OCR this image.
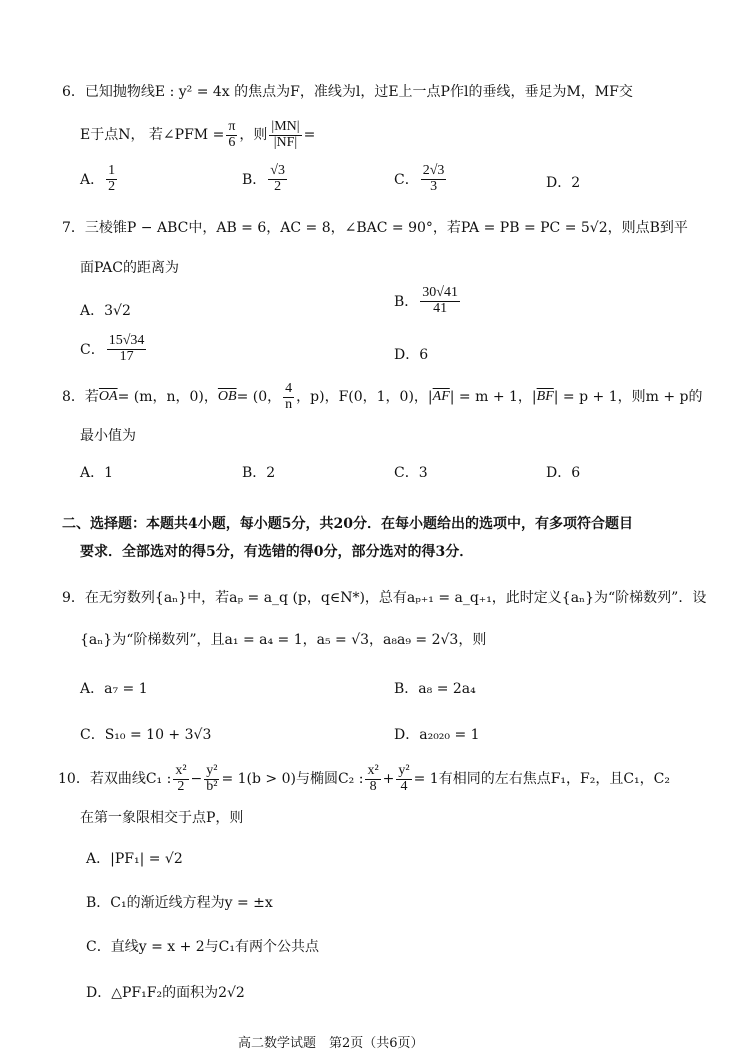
6．已知抛物线E : y² = 4x 的焦点为F，准线为l，过E上一点P作l的垂线，垂足为M，MF交
E于点N， 若∠PFM = $\frac{\pi}{6}$ ，则 $\frac{|MN|}{|NF|}$ =
A． $\frac{1}{2}$	B． $\frac{√3}{2}$	C． $\frac{2√3}{3}$	D．2
7．三棱锥P − ABC中，AB = 6，AC = 8，∠BAC = 90°，若PA = PB = PC = 5√2，则点B到平
面PAC的距离为
A．3√2
B． $\frac{30√41}{41}$
C． $\frac{15√34}{17}$	D．6
8．若 $\overline{OA} = (m$，n，0)， $\overline{OB} = (0$， $\frac{4}{n}$ ，p)，F(0，1，0)，| $\overline{AF}$ | = m + 1，| $\overline{BF}$ | = p + 1，则m + p的
最小值为
A．1	B．2	C．3	D．6
二、选择题：本题共4小题，每小题5分，共20分．在每小题给出的选项中，有多项符合题目
要求．全部选对的得5分，有选错的得0分，部分选对的得3分．
9．在无穷数列{aₙ}中，若aₚ = a_q (p，q∈N*)，总有aₚ₊₁ = a_q₊₁，此时定义{aₙ}为“阶梯数列”．设
{aₙ}为“阶梯数列”，且a₁ = a₄ = 1，a₅ = √3，a₈a₉ = 2√3，则
A．a₇ = 1	B．a₈ = 2a₄
C．S₁₀ = 10 + 3√3	D．a₂₀₂₀ = 1
10．若双曲线C₁ : $\frac{\text{x²}}{2} - \frac{\text{y²}}{\text{b²}} = 1(b > 0)$与椭圆C₂ : $\frac{\text{x²}}{8} + \frac{\text{y²}}{4} = 1$有相同的左右焦点F₁，F₂，且C₁，C₂
在第一象限相交于点P，则
A．|PF₁| = √2
B．C₁的渐近线方程为y = ±x
C．直线y = x + 2与C₁有两个公共点
D．△PF₁F₂的面积为2√2
高二数学试题　第2页（共6页）
